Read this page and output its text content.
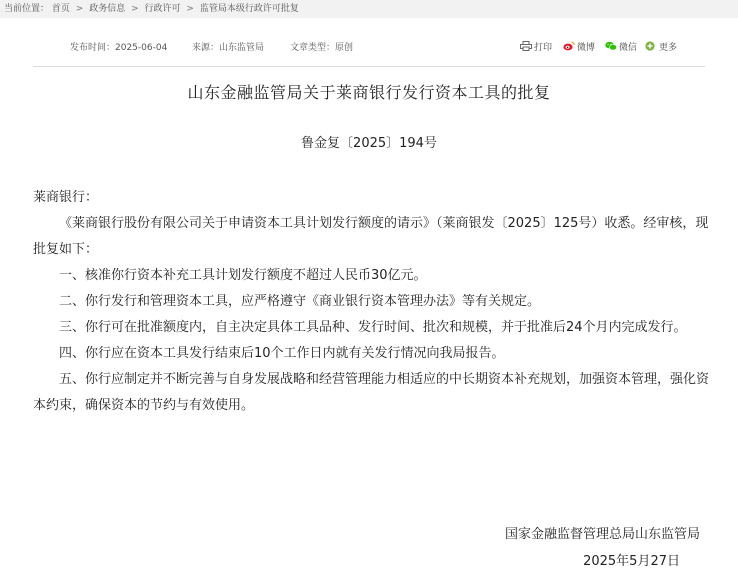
当前位置： 首页 > 政务信息 > 行政许可 > 监管局本级行政许可批复
发布时间：2025-06-04	来源：山东监管局	文章类型：原创	打印	微博	微信	更多
山东金融监管局关于莱商银行发行资本工具的批复
鲁金复〔2025〕194号

莱商银行：

《莱商银行股份有限公司关于申请资本工具计划发行额度的请示》（莱商银发〔2025〕125号）收悉。经审核，现批复如下：

一、核准你行资本补充工具计划发行额度不超过人民币30亿元。

二、你行发行和管理资本工具，应严格遵守《商业银行资本管理办法》等有关规定。

三、你行可在批准额度内，自主决定具体工具品种、发行时间、批次和规模，并于批准后24个月内完成发行。

四、你行应在资本工具发行结束后10个工作日内就有关发行情况向我局报告。

五、你行应制定并不断完善与自身发展战略和经营管理能力相适应的中长期资本补充规划，加强资本管理，强化资本约束，确保资本的节约与有效使用。

国家金融监督管理总局山东监管局
2025年5月27日
